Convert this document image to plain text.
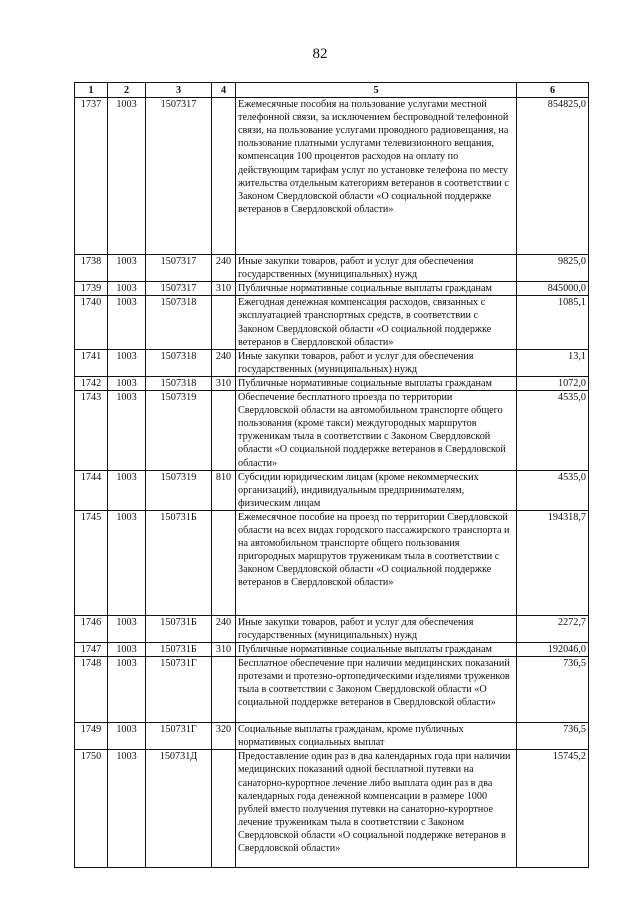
82
1	2	3	4	5	6
1737	1003	1507317		Ежемесячные пособия на пользование услугами местной телефонной связи, за исключением беспроводной телефонной связи, на пользование услугами проводного радиовещания, на пользование платными услугами телевизионного вещания, компенсация 100 процентов расходов на оплату по действующим тарифам услуг по установке телефона по месту жительства отдельным категориям ветеранов в соответствии с Законом Свердловской области «О социальной поддержке ветеранов в Свердловской области»	854825,0
1738	1003	1507317	240	Иные закупки товаров, работ и услуг для обеспечения государственных (муниципальных) нужд	9825,0
1739	1003	1507317	310	Публичные нормативные социальные выплаты гражданам	845000,0
1740	1003	1507318		Ежегодная денежная компенсация расходов, связанных с эксплуатацией транспортных средств, в соответствии с Законом Свердловской области «О социальной поддержке ветеранов в Свердловской области»	1085,1
1741	1003	1507318	240	Иные закупки товаров, работ и услуг для обеспечения государственных (муниципальных) нужд	13,1
1742	1003	1507318	310	Публичные нормативные социальные выплаты гражданам	1072,0
1743	1003	1507319		Обеспечение бесплатного проезда по территории Свердловской области на автомобильном транспорте общего пользования (кроме такси) междугородных маршрутов труженикам тыла в соответствии с Законом Свердловской области «О социальной поддержке ветеранов в Свердловской области»	4535,0
1744	1003	1507319	810	Субсидии юридическим лицам (кроме некоммерческих организаций), индивидуальным предпринимателям, физическим лицам	4535,0
1745	1003	150731Б		Ежемесячное пособие на проезд по территории Свердловской области на всех видах городского пассажирского транспорта и на автомобильном транспорте общего пользования пригородных маршрутов труженикам тыла в соответствии с Законом Свердловской области «О социальной поддержке ветеранов в Свердловской области»	194318,7
1746	1003	150731Б	240	Иные закупки товаров, работ и услуг для обеспечения государственных (муниципальных) нужд	2272,7
1747	1003	150731Б	310	Публичные нормативные социальные выплаты гражданам	192046,0
1748	1003	150731Г		Бесплатное обеспечение при наличии медицинских показаний протезами и протезно-ортопедическими изделиями труженков тыла в соответствии с Законом Свердловской области «О социальной поддержке ветеранов в Свердловской области»	736,5
1749	1003	150731Г	320	Социальные выплаты гражданам, кроме публичных нормативных социальных выплат	736,5
1750	1003	150731Д		Предоставление один раз в два календарных года при наличии медицинских показаний одной бесплатной путевки на санаторно-курортное лечение либо выплата один раз в два календарных года денежной компенсации в размере 1000 рублей вместо получения путевки на санаторно-курортное лечение труженикам тыла в соответствии с Законом Свердловской области «О социальной поддержке ветеранов в Свердловской области»	15745,2
